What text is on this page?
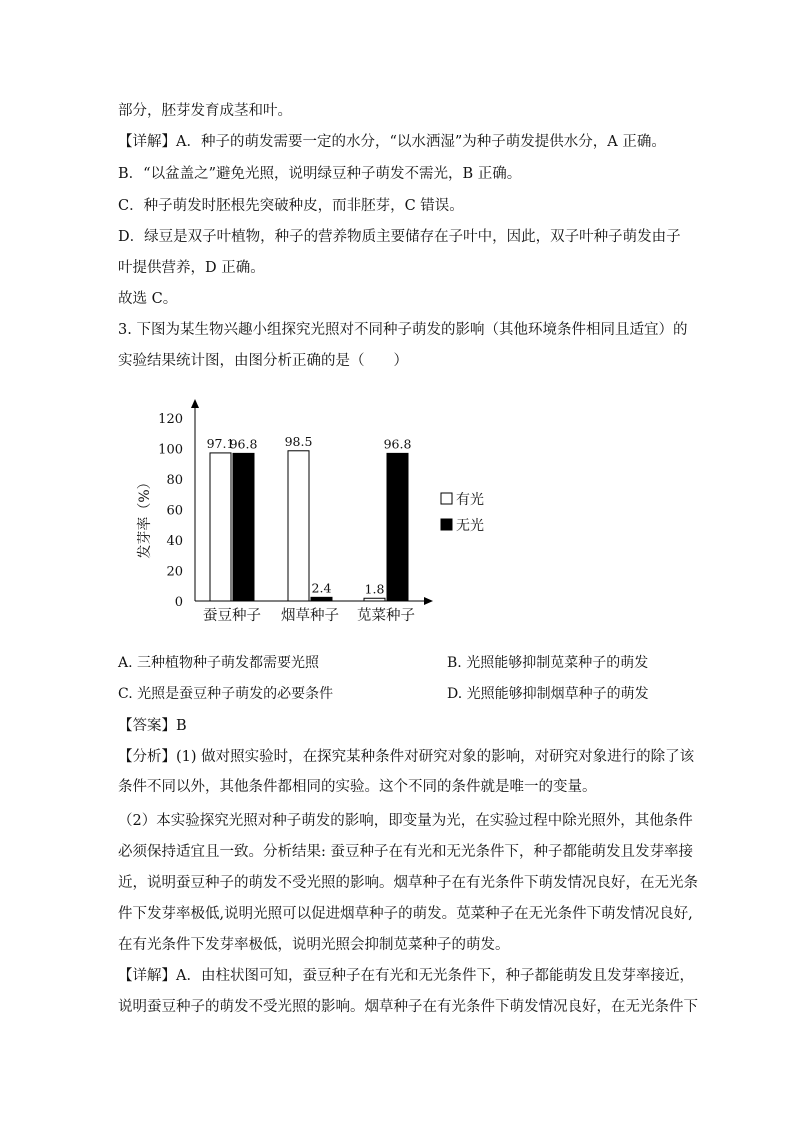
部分，胚芽发育成茎和叶。
【详解】A．种子的萌发需要一定的水分，“以水洒湿”为种子萌发提供水分，A 正确。
B．“以盆盖之”避免光照，说明绿豆种子萌发不需光，B 正确。
C．种子萌发时胚根先突破种皮，而非胚芽，C 错误。
D．绿豆是双子叶植物，种子的营养物质主要储存在子叶中，因此，双子叶种子萌发由子
叶提供营养，D 正确。
故选 C。
3. 下图为某生物兴趣小组探究光照对不同种子萌发的影响（其他环境条件相同且适宜）的
实验结果统计图，由图分析正确的是（　　）
0
20
40
60
80
100
120
发芽率（%）
97.1
96.8
蚕豆种子
98.5
2.4
烟草种子
1.8
96.8
苋菜种子
有光
无光
A. 三种植物种子萌发都需要光照	B. 光照能够抑制苋菜种子的萌发
C. 光照是蚕豆种子萌发的必要条件	D. 光照能够抑制烟草种子的萌发
【答案】B
【分析】(1) 做对照实验时，在探究某种条件对研究对象的影响，对研究对象进行的除了该
条件不同以外，其他条件都相同的实验。这个不同的条件就是唯一的变量。
（2）本实验探究光照对种子萌发的影响，即变量为光，在实验过程中除光照外，其他条件
必须保持适宜且一致。分析结果: 蚕豆种子在有光和无光条件下，种子都能萌发且发芽率接
近，说明蚕豆种子的萌发不受光照的影响。烟草种子在有光条件下萌发情况良好，在无光条
件下发芽率极低,说明光照可以促进烟草种子的萌发。苋菜种子在无光条件下萌发情况良好,
在有光条件下发芽率极低，说明光照会抑制苋菜种子的萌发。
【详解】A．由柱状图可知，蚕豆种子在有光和无光条件下，种子都能萌发且发芽率接近，
说明蚕豆种子的萌发不受光照的影响。烟草种子在有光条件下萌发情况良好，在无光条件下
